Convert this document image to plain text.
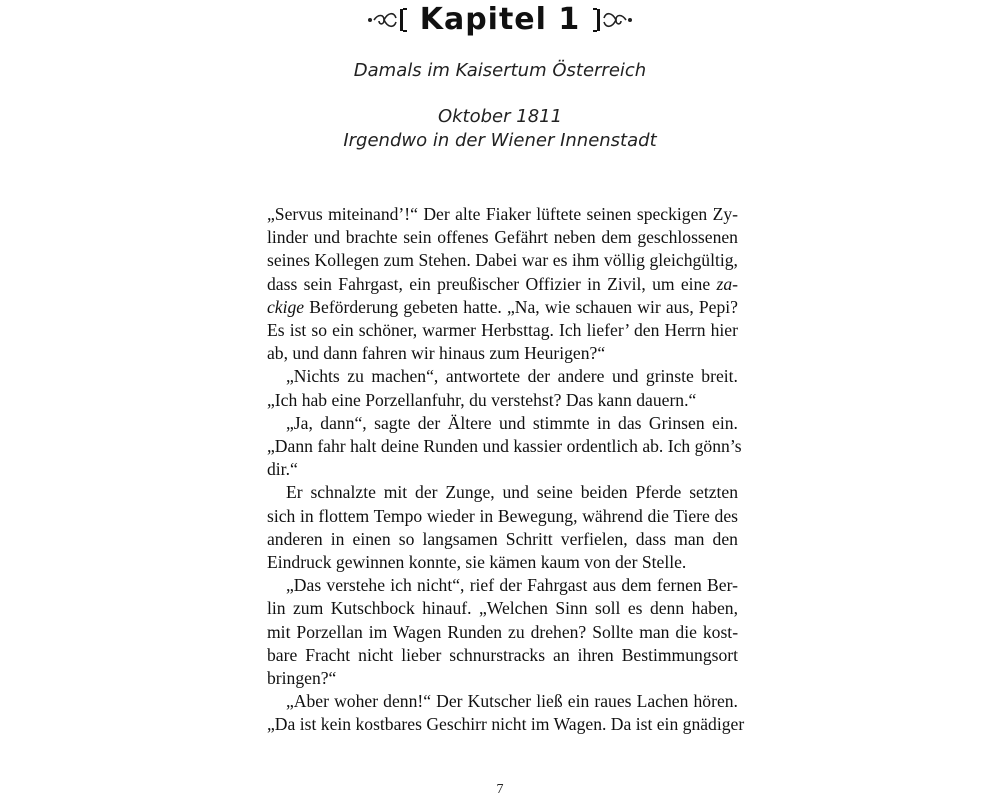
Kapitel 1
Damals im Kaisertum Österreich
Oktober 1811
Irgendwo in der Wiener Innenstadt

„Servus miteinand’!“ Der alte Fiaker lüftete seinen speckigen Zy-
linder und brachte sein offenes Gefährt neben dem geschlossenen
seines Kollegen zum Stehen. Dabei war es ihm völlig gleichgültig,
dass sein Fahrgast, ein preußischer Offizier in Zivil, um eine za-
ckige Beförderung gebeten hatte. „Na, wie schauen wir aus, Pepi?
Es ist so ein schöner, warmer Herbsttag. Ich liefer’ den Herrn hier
ab, und dann fahren wir hinaus zum Heurigen?“

„Nichts zu machen“, antwortete der andere und grinste breit.
„Ich hab eine Porzellanfuhr, du verstehst? Das kann dauern.“

„Ja, dann“, sagte der Ältere und stimmte in das Grinsen ein.
„Dann fahr halt deine Runden und kassier ordentlich ab. Ich gönn’s
dir.“

Er schnalzte mit der Zunge, und seine beiden Pferde setzten
sich in flottem Tempo wieder in Bewegung, während die Tiere des
anderen in einen so langsamen Schritt verfielen, dass man den
Eindruck gewinnen konnte, sie kämen kaum von der Stelle.

„Das verstehe ich nicht“, rief der Fahrgast aus dem fernen Ber-
lin zum Kutschbock hinauf. „Welchen Sinn soll es denn haben,
mit Porzellan im Wagen Runden zu drehen? Sollte man die kost-
bare Fracht nicht lieber schnurstracks an ihren Bestimmungsort
bringen?“

„Aber woher denn!“ Der Kutscher ließ ein raues Lachen hören.
„Da ist kein kostbares Geschirr nicht im Wagen. Da ist ein gnädiger

7
